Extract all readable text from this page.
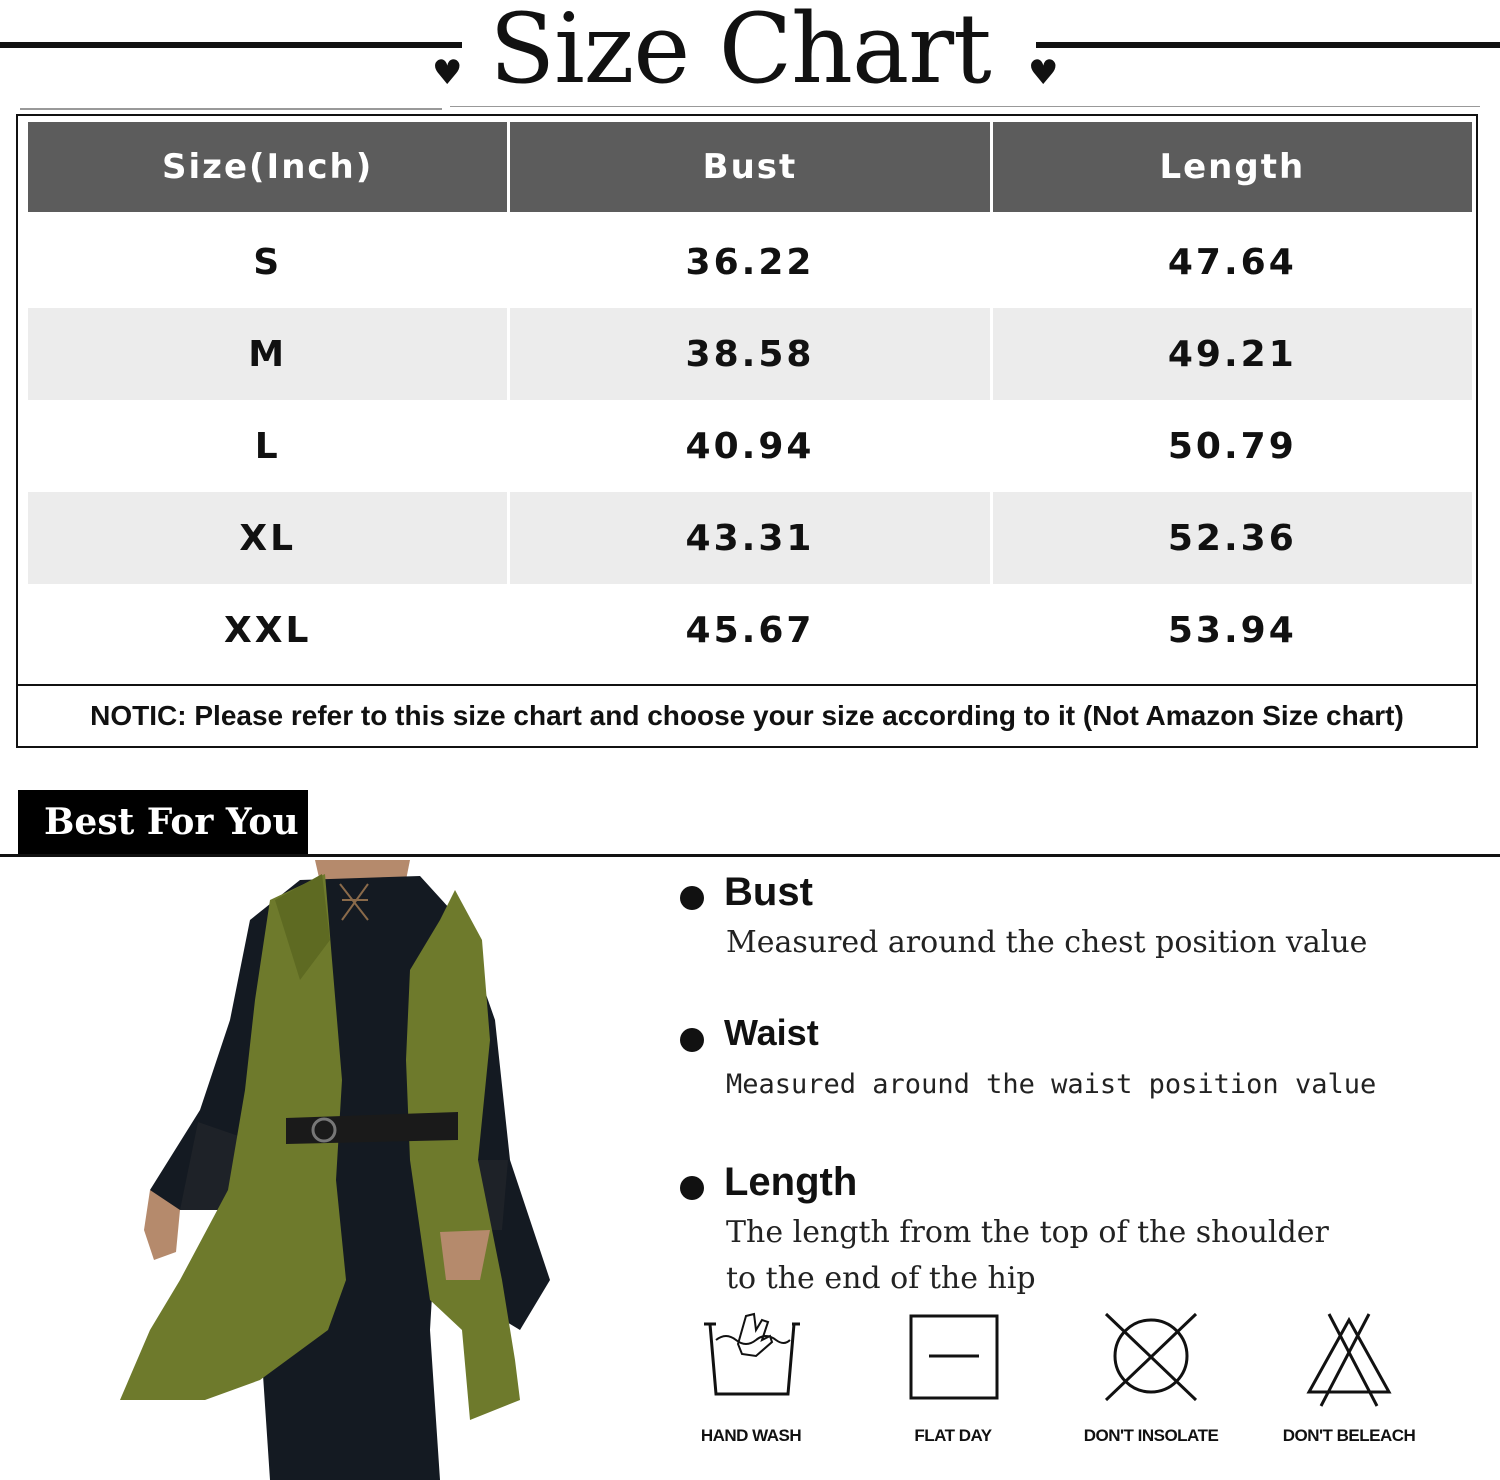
♥	♥
Size Chart
Size(Inch)	Bust	Length
S	36.22	47.64
M	38.58	49.21
L	40.94	50.79
XL	43.31	52.36
XXL	45.67	53.94
NOTIC: Please refer to this size chart and choose your size according to it (Not Amazon Size chart)
Best For You
Bust
Measured around the chest position value
Waist
Measured around the waist position value
Length
The length from the top of the shoulder to the end of the hip
HAND WASH	FLAT DAY	DON'T INSOLATE	DON'T BELEACH
